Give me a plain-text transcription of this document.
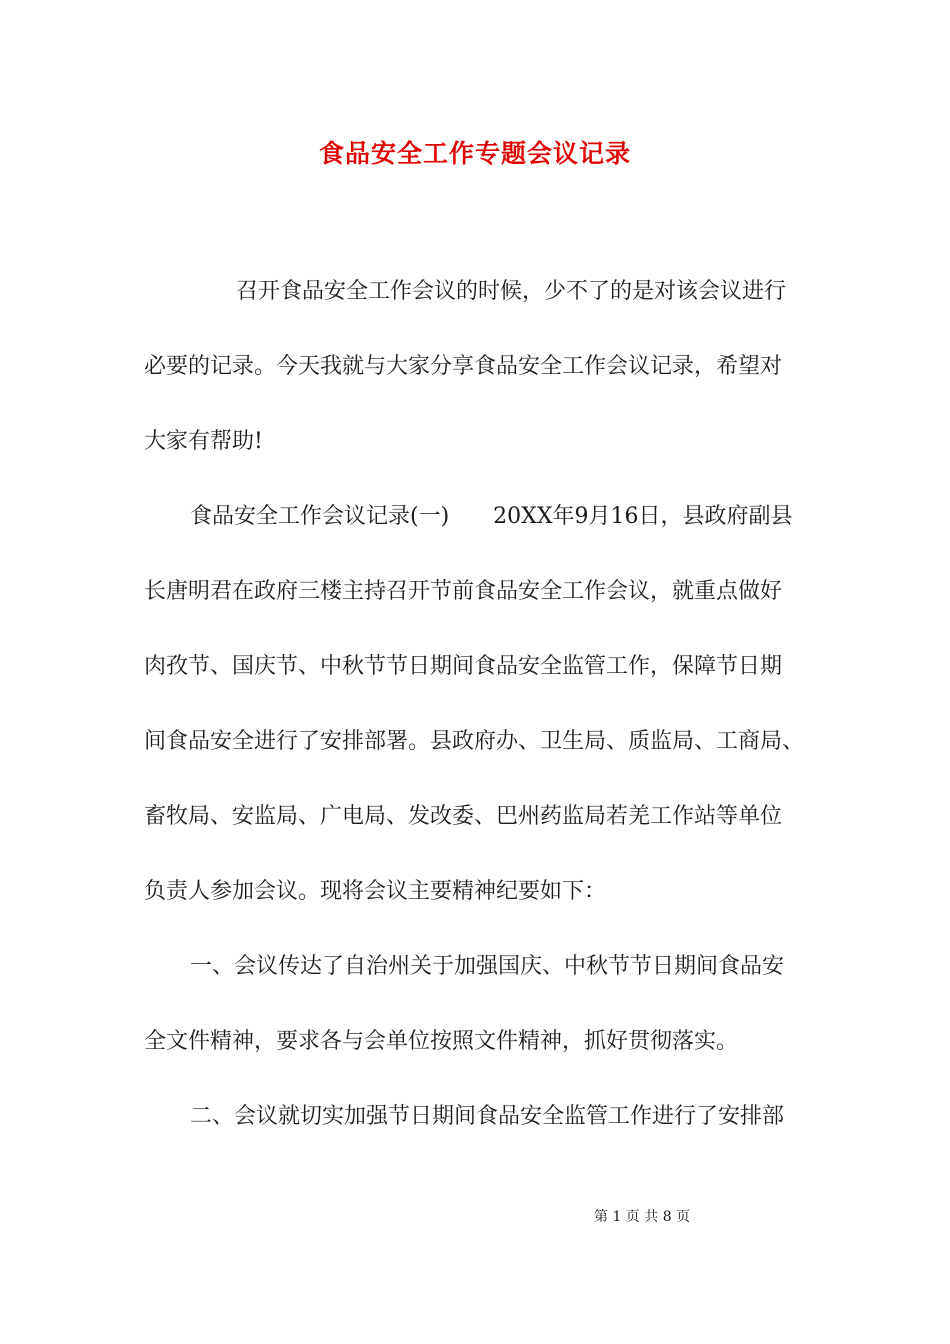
食品安全工作专题会议记录
召开食品安全工作会议的时候，少不了的是对该会议进行
必要的记录。今天我就与大家分享食品安全工作会议记录，希望对
大家有帮助!
食品安全工作会议记录(一)　　20XX年9月16日，县政府副县
长唐明君在政府三楼主持召开节前食品安全工作会议，就重点做好
肉孜节、国庆节、中秋节节日期间食品安全监管工作，保障节日期
间食品安全进行了安排部署。县政府办、卫生局、质监局、工商局、
畜牧局、安监局、广电局、发改委、巴州药监局若羌工作站等单位
负责人参加会议。现将会议主要精神纪要如下：
一、会议传达了自治州关于加强国庆、中秋节节日期间食品安
全文件精神，要求各与会单位按照文件精神，抓好贯彻落实。
二、会议就切实加强节日期间食品安全监管工作进行了安排部
第 1 页 共 8 页
